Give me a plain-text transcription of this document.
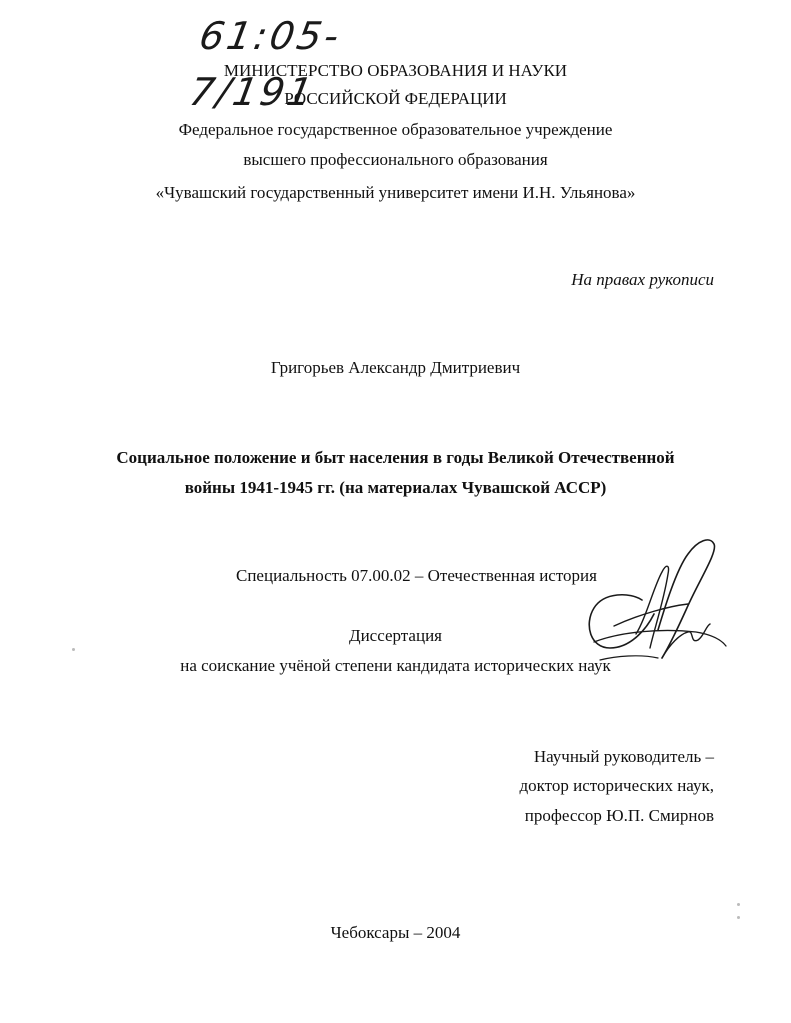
61:05-7/191
МИНИСТЕРСТВО ОБРАЗОВАНИЯ И НАУКИ
РОССИЙСКОЙ ФЕДЕРАЦИИ
Федеральное государственное образовательное учреждение
высшего профессионального образования
«Чувашский государственный университет имени И.Н. Ульянова»
На правах рукописи
Григорьев Александр Дмитриевич
Социальное положение и быт населения в годы Великой Отечественной
войны 1941-1945 гг. (на материалах Чувашской АССР)
Специальность 07.00.02 – Отечественная история
Диссертация
на соискание учёной степени кандидата исторических наук
Научный руководитель –
доктор исторических наук,
профессор Ю.П. Смирнов
Чебоксары – 2004
